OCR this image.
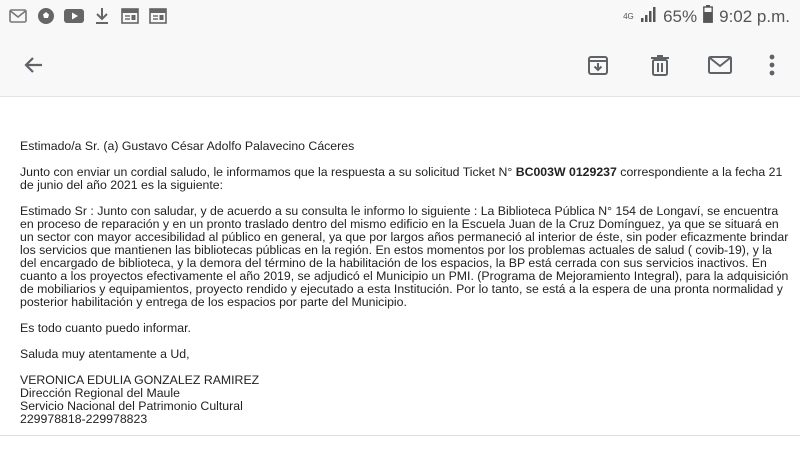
4G 65% 9:02 p.m.

Estimado/a Sr. (a) Gustavo César Adolfo Palavecino Cáceres

Junto con enviar un cordial saludo, le informamos que la respuesta a su solicitud Ticket N° BC003W 0129237 correspondiente a la fecha 21 de junio del año 2021 es la siguiente:

Estimado Sr : Junto con saludar, y de acuerdo a su consulta le informo lo siguiente : La Biblioteca Pública N° 154 de Longaví, se encuentra en proceso de reparación y en un pronto traslado dentro del mismo edificio en la Escuela Juan de la Cruz Domínguez, ya que se situará en un sector con mayor accesibilidad al público en general, ya que por largos años permaneció al interior de éste, sin poder eficazmente brindar los servicios que mantienen las bibliotecas públicas en la región. En estos momentos por los problemas actuales de salud ( covib-19), y la del encargado de biblioteca, y la demora del término de la habilitación de los espacios, la BP está cerrada con sus servicios inactivos. En cuanto a los proyectos efectivamente el año 2019, se adjudicó el Municipio un PMI. (Programa de Mejoramiento Integral), para la adquisición de mobiliarios y equipamientos, proyecto rendido y ejecutado a esta Institución. Por lo tanto, se está a la espera de una pronta normalidad y posterior habilitación y entrega de los espacios por parte del Municipio.

Es todo cuanto puedo informar.

Saluda muy atentamente a Ud,

VERONICA EDULIA GONZALEZ RAMIREZ
Dirección Regional del Maule
Servicio Nacional del Patrimonio Cultural
229978818-229978823
